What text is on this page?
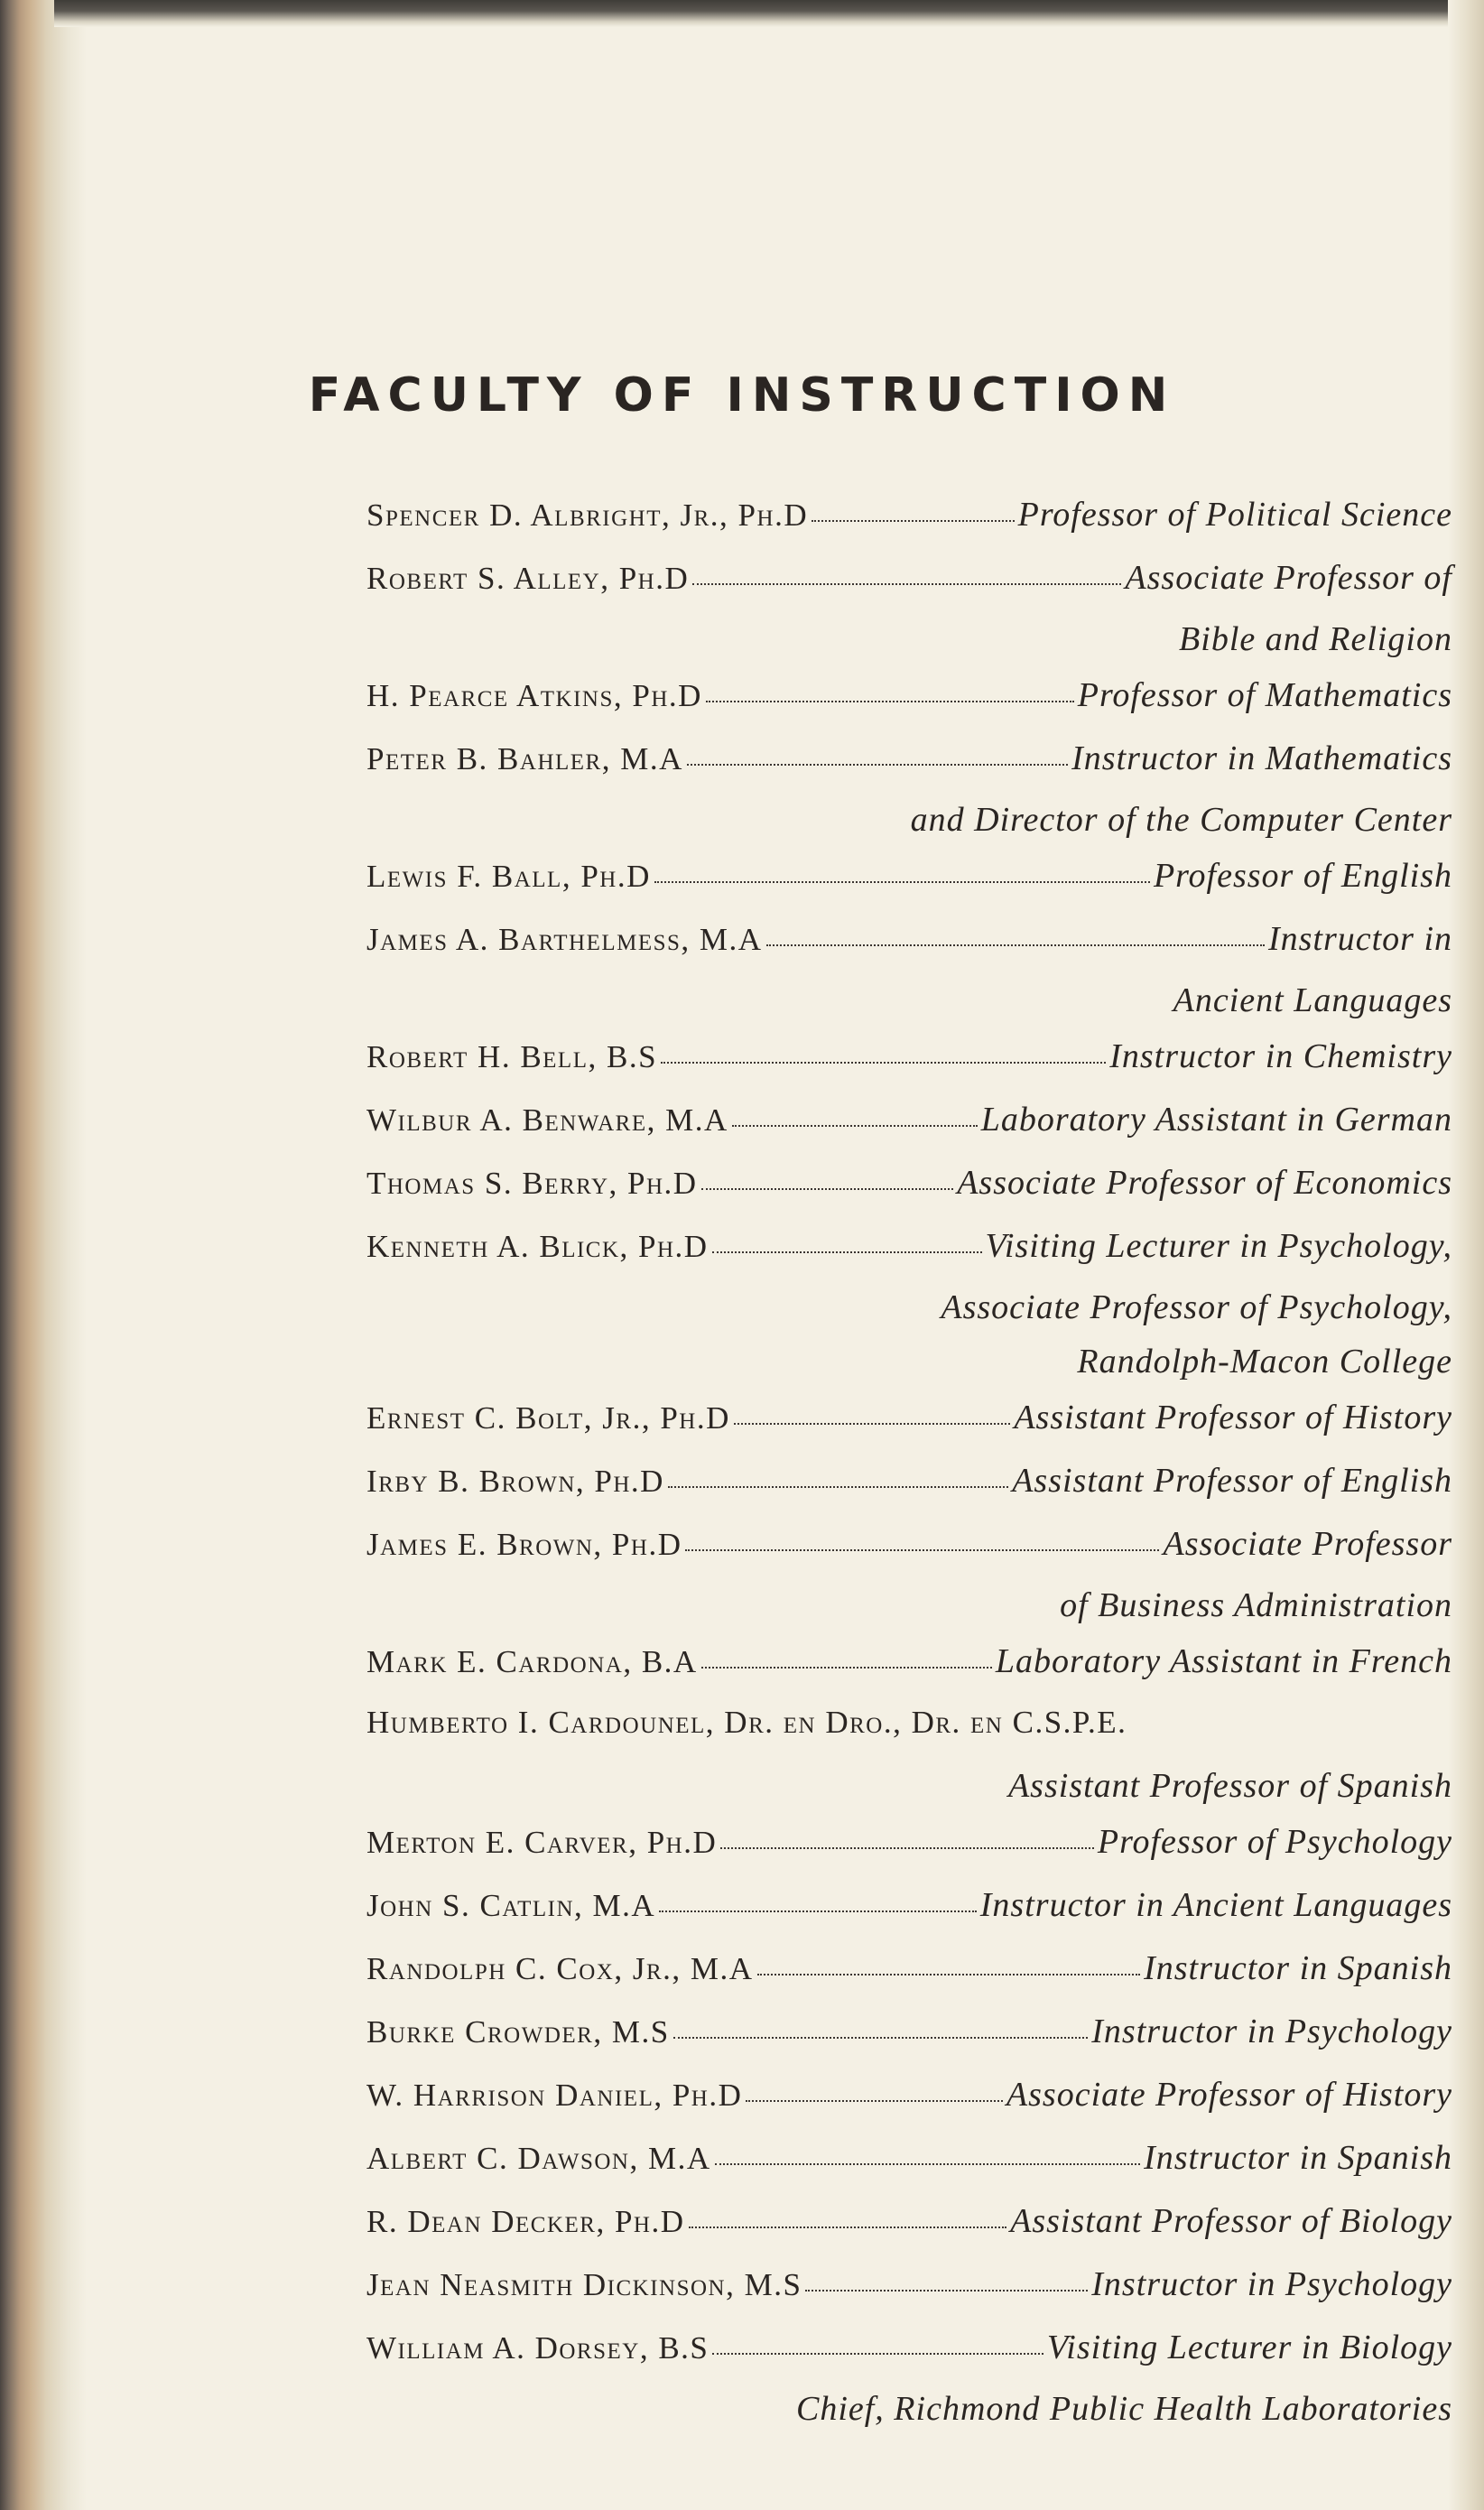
FACULTY OF INSTRUCTION
Spencer D. Albright, Jr., Ph.D	Professor of Political Science
Robert S. Alley, Ph.D	Associate Professor of
Bible and Religion
H. Pearce Atkins, Ph.D	Professor of Mathematics
Peter B. Bahler, M.A	Instructor in Mathematics
and Director of the Computer Center
Lewis F. Ball, Ph.D	Professor of English
James A. Barthelmess, M.A	Instructor in
Ancient Languages
Robert H. Bell, B.S	Instructor in Chemistry
Wilbur A. Benware, M.A	Laboratory Assistant in German
Thomas S. Berry, Ph.D	Associate Professor of Economics
Kenneth A. Blick, Ph.D	Visiting Lecturer in Psychology,
Associate Professor of Psychology,
Randolph-Macon College
Ernest C. Bolt, Jr., Ph.D	Assistant Professor of History
Irby B. Brown, Ph.D	Assistant Professor of English
James E. Brown, Ph.D	Associate Professor
of Business Administration
Mark E. Cardona, B.A	Laboratory Assistant in French
Humberto I. Cardounel, Dr. en Dro., Dr. en C.S.P.E.
Assistant Professor of Spanish
Merton E. Carver, Ph.D	Professor of Psychology
John S. Catlin, M.A	Instructor in Ancient Languages
Randolph C. Cox, Jr., M.A	Instructor in Spanish
Burke Crowder, M.S	Instructor in Psychology
W. Harrison Daniel, Ph.D	Associate Professor of History
Albert C. Dawson, M.A	Instructor in Spanish
R. Dean Decker, Ph.D	Assistant Professor of Biology
Jean Neasmith Dickinson, M.S	Instructor in Psychology
William A. Dorsey, B.S	Visiting Lecturer in Biology
Chief, Richmond Public Health Laboratories
